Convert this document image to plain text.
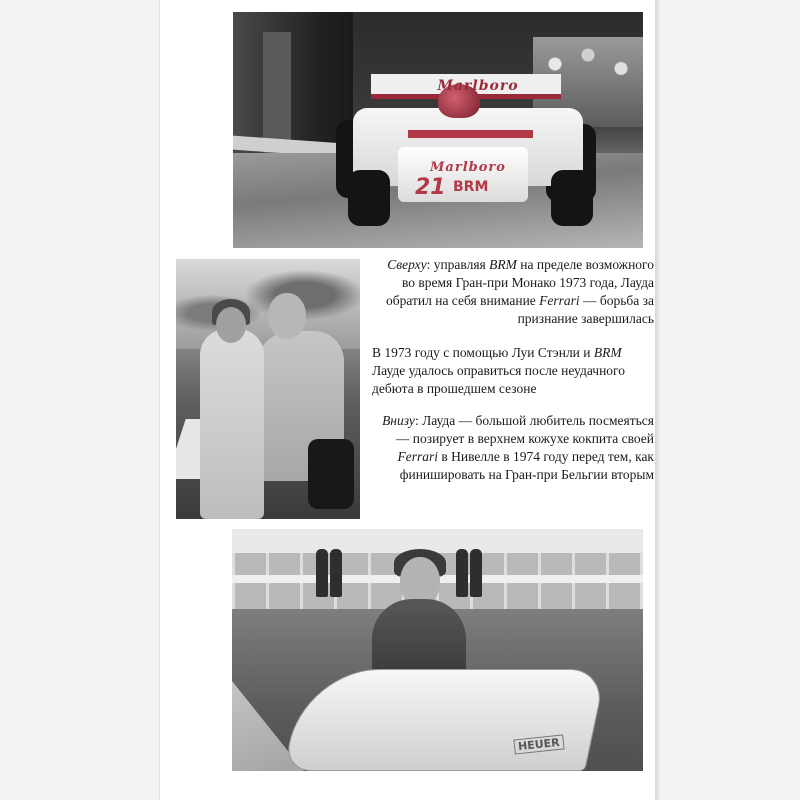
Marlboro
Marlboro
21 BRM

Сверху: управляя BRM на пределе возможного во время Гран-при Монако 1973 года, Лауда обратил на себя внимание Ferrari — борьба за признание завершилась

В 1973 году с помощью Луи Стэнли и BRM Лауде удалось оправиться после неудачного дебюта в прошедшем сезоне

Внизу: Лауда — большой любитель посмеяться — позирует в верхнем кожухе кокпита своей Ferrari в Нивелле в 1974 году перед тем, как финишировать на Гран-при Бельгии вторым

HEUER
